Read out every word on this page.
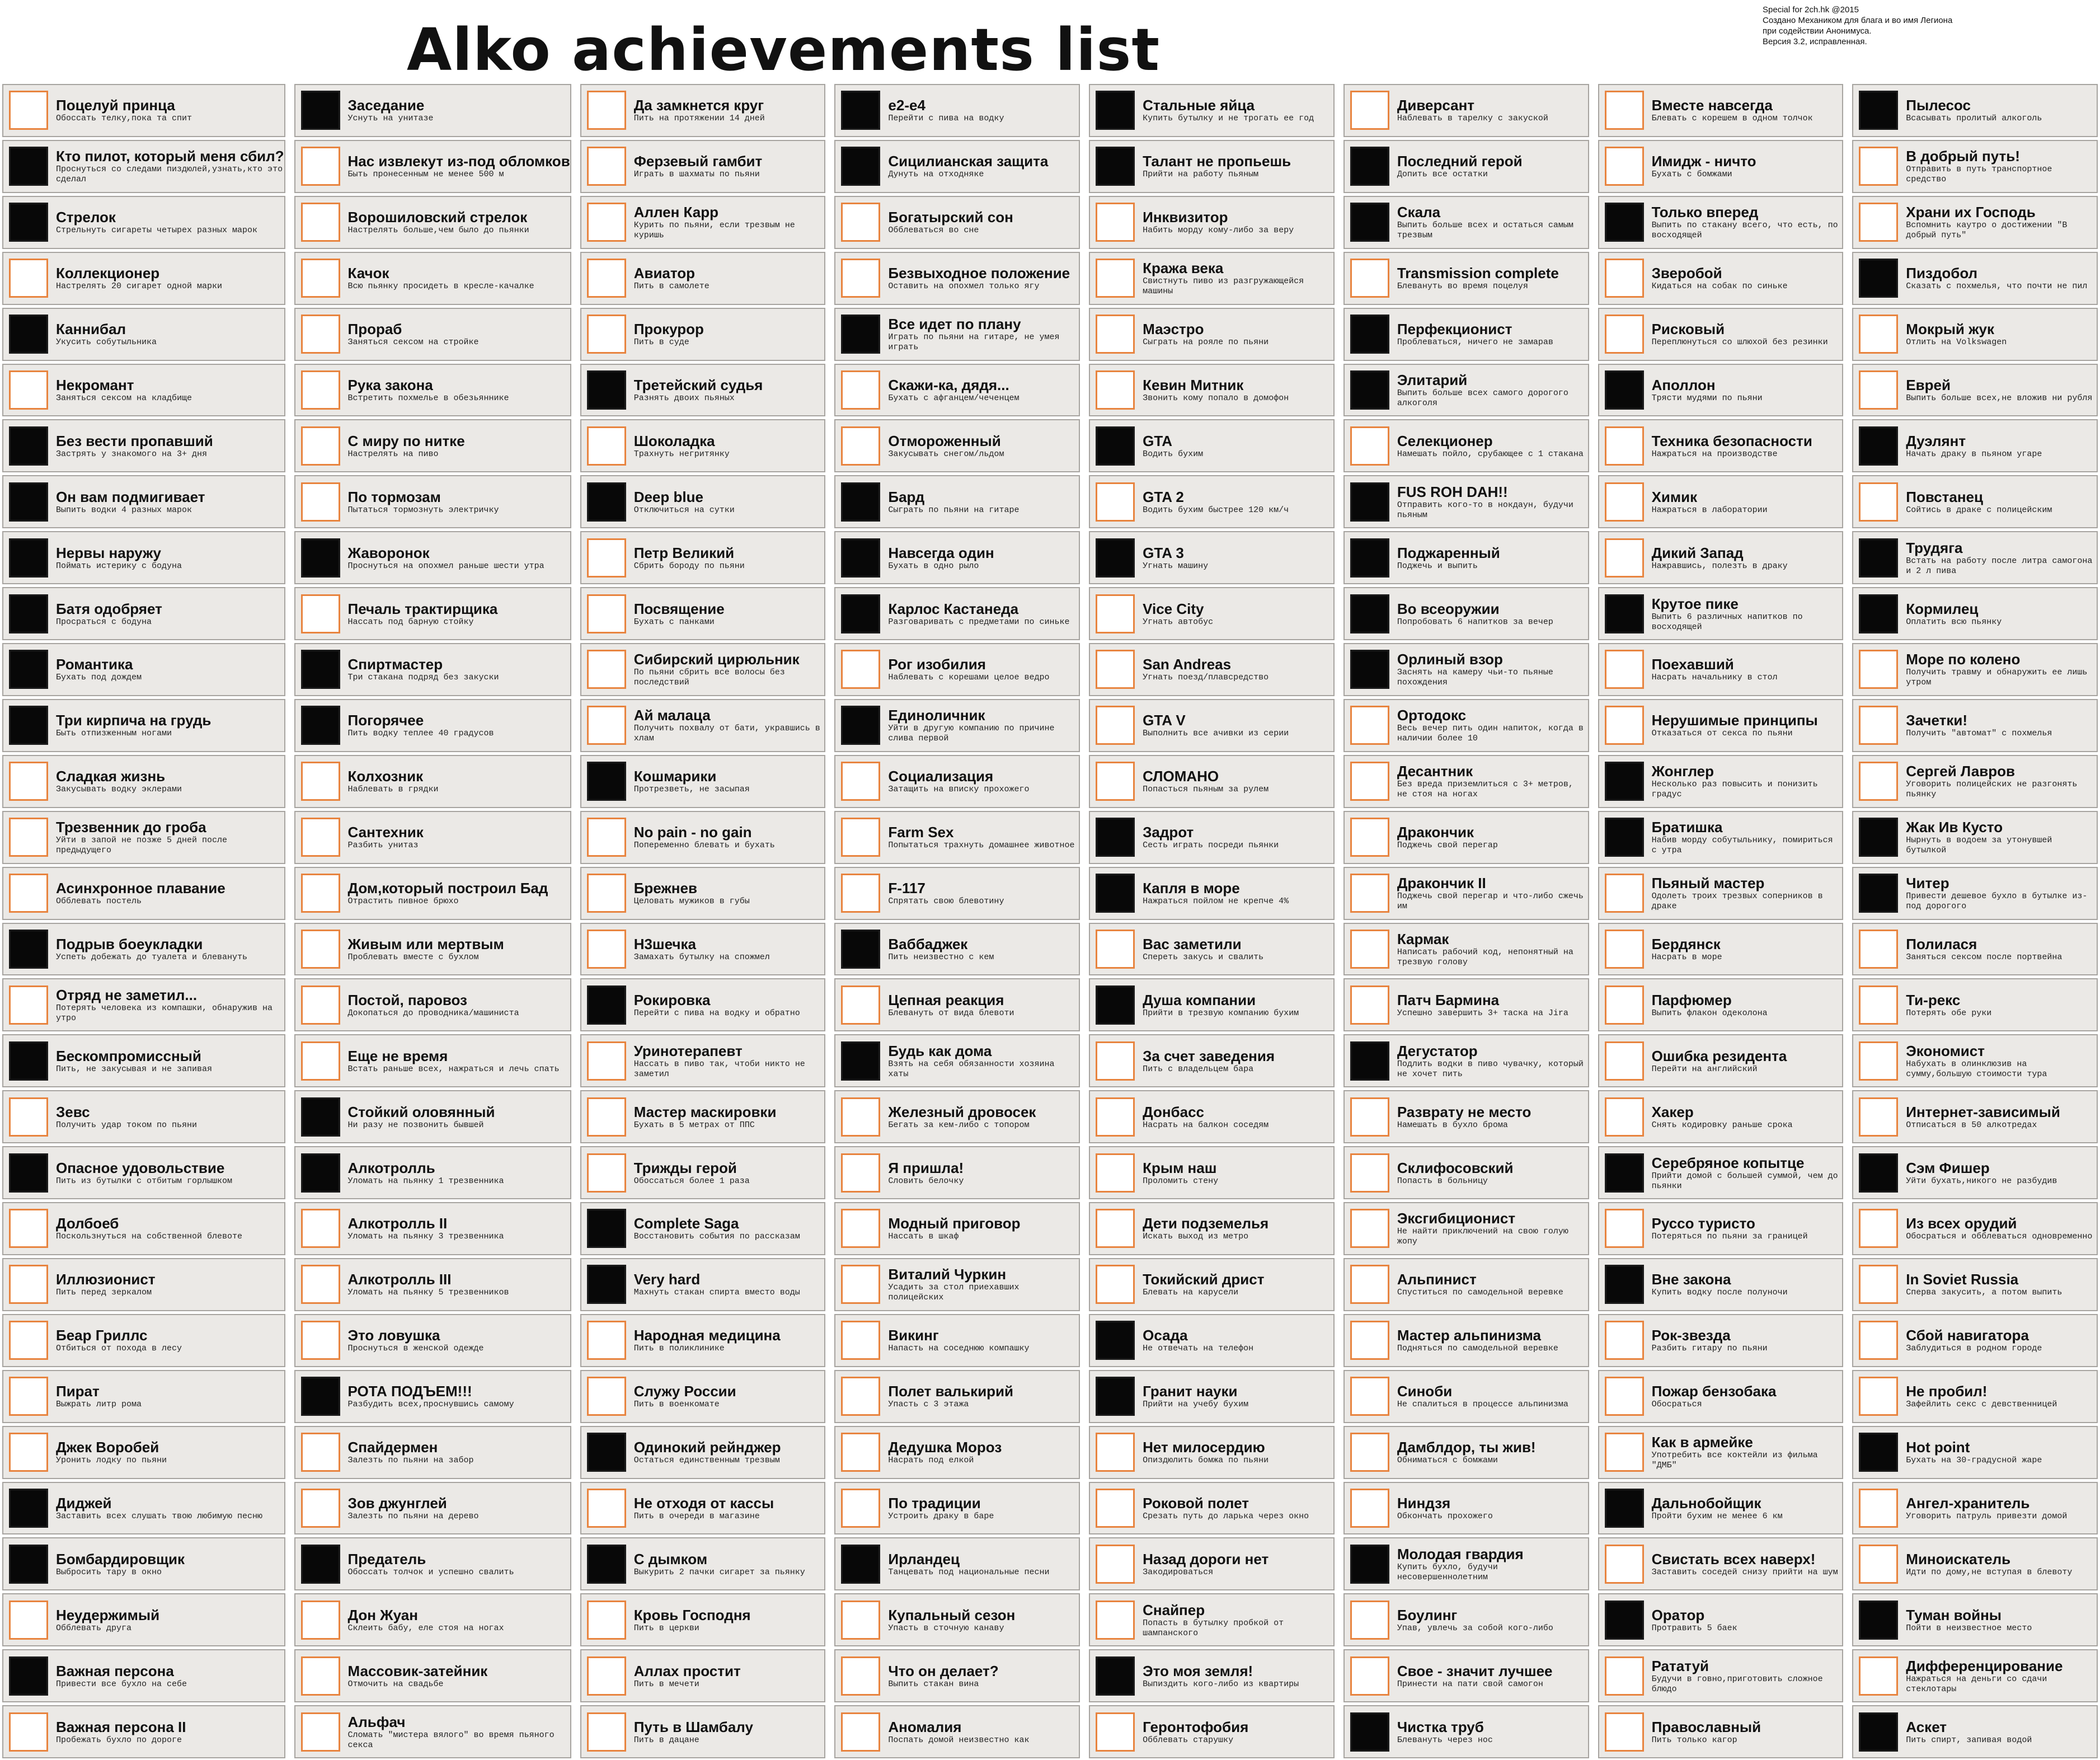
Alko achievements list
Special for 2ch.hk @2015
Создано Механиком для блага и во имя Легиона
при содействии Анонимуса.
Версия 3.2, исправленная.
Поцелуй принца
Обоссать телку,пока та спит
Кто пилот, который меня сбил?
Проснуться со следами пиздюлей,узнать,кто это сделал
Стрелок
Стрельнуть сигареты четырех разных марок
Коллекционер
Настрелять 20 сигарет одной марки
Каннибал
Укусить собутыльника
Некромант
Заняться сексом на кладбище
Без вести пропавший
Застрять у знакомого на 3+ дня
Он вам подмигивает
Выпить водки 4 разных марок
Нервы наружу
Поймать истерику с бодуна
Батя одобряет
Просраться с бодуна
Романтика
Бухать под дождем
Три кирпича на грудь
Быть отпизженным ногами
Сладкая жизнь
Закусывать водку эклерами
Трезвенник до гроба
Уйти в запой не позже 5 дней после предыдущего
Асинхронное плавание
Обблевать постель
Подрыв боеукладки
Успеть добежать до туалета и блевануть
Отряд не заметил...
Потерять человека из компашки, обнаружив на утро
Бескомпромиссный
Пить, не закусывая и не запивая
Зевс
Получить удар током по пьяни
Опасное удовольствие
Пить из бутылки с отбитым горлышком
Долбоеб
Поскользнуться на собственной блевоте
Иллюзионист
Пить перед зеркалом
Беар Гриллс
Отбиться от похода в лесу
Пират
Выжрать литр рома
Джек Воробей
Уронить лодку по пьяни
Диджей
Заставить всех слушать твою любимую песню
Бомбардировщик
Выбросить тару в окно
Неудержимый
Обблевать друга
Важная персона
Привести все бухло на себе
Важная персона II
Пробежать бухло по дороге
Заседание
Уснуть на унитазе
Нас извлекут из-под обломков
Быть пронесенным не менее 500 м
Ворошиловский стрелок
Настрелять больше,чем было до пьянки
Качок
Всю пьянку просидеть в кресле-качалке
Прораб
Заняться сексом на стройке
Рука закона
Встретить похмелье в обезьяннике
С миру по нитке
Настрелять на пиво
По тормозам
Пытаться тормознуть электричку
Жаворонок
Проснуться на опохмел раньше шести утра
Печаль трактирщика
Нассать под барную стойку
Спиртмастер
Три стакана подряд без закуски
Погорячее
Пить водку теплее 40 градусов
Колхозник
Наблевать в грядки
Сантехник
Разбить унитаз
Дом,который построил Бад
Отрастить пивное брюхо
Живым или мертвым
Проблевать вместе с бухлом
Постой, паровоз
Докопаться до проводника/машиниста
Еще не время
Встать раньше всех, нажраться и лечь спать
Стойкий оловянный
Ни разу не позвонить бывшей
Алкотролль
Уломать на пьянку 1 трезвенника
Алкотролль II
Уломать на пьянку 3 трезвенника
Алкотролль III
Уломать на пьянку 5 трезвенников
Это ловушка
Проснуться в женской одежде
РОТА ПОДЪЕМ!!!
Разбудить всех,проснувшись самому
Спайдермен
Залезть по пьяни на забор
Зов джунглей
Залезть по пьяни на дерево
Предатель
Обоссать толчок и успешно свалить
Дон Жуан
Склеить бабу, еле стоя на ногах
Массовик-затейник
Отмочить на свадьбе
Альфач
Сломать "мистера вялого" во время пьяного секса
Да замкнется круг
Пить на протяжении 14 дней
Ферзевый гамбит
Играть в шахматы по пьяни
Аллен Карр
Курить по пьяни, если трезвым не куришь
Авиатор
Пить в самолете
Прокурор
Пить в суде
Третейский судья
Разнять двоих пьяных
Шоколадка
Трахнуть негритянку
Deep blue
Отключиться на сутки
Петр Великий
Сбрить бороду по пьяни
Посвящение
Бухать с панками
Сибирский цирюльник
По пьяни сбрить все волосы без последствий
Ай малаца
Получить похвалу от бати, укравшись в хлам
Кошмарики
Протрезветь, не засыпая
No pain - no gain
Попеременно блевать и бухать
Брежнев
Целовать мужиков в губы
Н3шечка
Замахать бутылку на спожмел
Рокировка
Перейти с пива на водку и обратно
Уринотерапевт
Нассать в пиво так, чтоби никто не заметил
Мастер маскировки
Бухать в 5 метрах от ППС
Трижды герой
Обоссаться более 1 раза
Complete Saga
Восстановить события по рассказам
Very hard
Махнуть стакан спирта вместо воды
Народная медицина
Пить в поликлинике
Служу России
Пить в военкомате
Одинокий рейнджер
Остаться единственным трезвым
Не отходя от кассы
Пить в очереди в магазине
С дымком
Выкурить 2 пачки сигарет за пьянку
Кровь Господня
Пить в церкви
Аллах простит
Пить в мечети
Путь в Шамбалу
Пить в дацане
e2-e4
Перейти с пива на водку
Сицилианская защита
Дунуть на отходняке
Богатырский сон
Обблеваться во сне
Безвыходное положение
Оставить на опохмел только ягу
Все идет по плану
Играть по пьяни на гитаре, не умея играть
Скажи-ка, дядя...
Бухать с афганцем/чеченцем
Отмороженный
Закусывать снегом/льдом
Бард
Сыграть по пьяни на гитаре
Навсегда один
Бухать в одно рыло
Карлос Кастанеда
Разговаривать с предметами по синьке
Рог изобилия
Наблевать с корешами целое ведро
Единоличник
Уйти в другую компанию по причине слива первой
Социализация
Затащить на вписку прохожего
Farm Sex
Попытаться трахнуть домашнее животное
F-117
Спрятать свою блевотину
Ваббаджек
Пить неизвестно с кем
Цепная реакция
Блевануть от вида блевоти
Будь как дома
Взять на себя обязанности хозяина хаты
Железный дровосек
Бегать за кем-либо с топором
Я пришла!
Словить белочку
Модный приговор
Нассать в шкаф
Виталий Чуркин
Усадить за стол приехавших полицейских
Викинг
Напасть на соседнюю компашку
Полет валькирий
Упасть с 3 этажа
Дедушка Мороз
Насрать под елкой
По традиции
Устроить драку в баре
Ирландец
Танцевать под национальные песни
Купальный сезон
Упасть в сточную канаву
Что он делает?
Выпить стакан вина
Аномалия
Поспать домой неизвестно как
Стальные яйца
Купить бутылку и не трогать ее год
Талант не пропьешь
Прийти на работу пьяным
Инквизитор
Набить морду кому-либо за веру
Кража века
Свистнуть пиво из разгружающейся машины
Маэстро
Сыграть на рояле по пьяни
Кевин Митник
Звонить кому попало в домофон
GTA
Водить бухим
GTA 2
Водить бухим быстрее 120 км/ч
GTA 3
Угнать машину
Vice City
Угнать автобус
San Andreas
Угнать поезд/плавсредство
GTA V
Выполнить все ачивки из серии
СЛОМАНО
Попасться пьяным за рулем
Задрот
Сесть играть посреди пьянки
Капля в море
Нажраться пойлом не крепче 4%
Вас заметили
Спереть закусь и свалить
Душа компании
Прийти в трезвую компанию бухим
За счет заведения
Пить с владельцем бара
Донбасс
Насрать на балкон соседям
Крым наш
Проломить стену
Дети подземелья
Искать выход из метро
Токийский дрист
Блевать на карусели
Осада
Не отвечать на телефон
Гранит науки
Прийти на учебу бухим
Нет милосердию
Опиздюлить бомжа по пьяни
Роковой полет
Срезать путь до ларька через окно
Назад дороги нет
Закодироваться
Снайпер
Попасть в бутылку пробкой от шампанского
Это моя земля!
Выпиздить кого-либо из квартиры
Геронтофобия
Обблевать старушку
Диверсант
Наблевать в тарелку с закуской
Последний герой
Допить все остатки
Скала
Выпить больше всех и остаться самым трезвым
Transmission complete
Блевануть во время поцелуя
Перфекционист
Проблеваться, ничего не замарав
Элитарий
Выпить больше всех самого дорогого алкоголя
Селекционер
Намешать пойло, срубающее с 1 стакана
FUS ROH DAH!!
Отправить кого-то в нокдаун, будучи пьяным
Поджаренный
Поджечь и выпить
Во всеоружии
Попробовать 6 напитков за вечер
Орлиный взор
Заснять на камеру чьи-то пьяные похождения
Ортодокс
Весь вечер пить один напиток, когда в наличии более 10
Десантник
Без вреда приземлиться с 3+ метров, не стоя на ногах
Дракончик
Поджечь свой перегар
Дракончик II
Поджечь свой перегар и что-либо сжечь им
Кармак
Написать рабочий код, непонятный на трезвую голову
Патч Бармина
Успешно завершить 3+ таска на Jira
Дегустатор
Подлить водки в пиво чувачку, который не хочет пить
Разврату не место
Намешать в бухло брома
Склифосовский
Попасть в больницу
Эксгибиционист
Не найти приключений на свою голую жопу
Альпинист
Спуститься по самодельной веревке
Мастер альпинизма
Подняться по самодельной веревке
Синоби
Не спалиться в процессе альпинизма
Дамблдор, ты жив!
Обниматься с бомжами
Ниндзя
Обкончать прохожего
Молодая гвардия
Купить бухло, будучи несовершеннолетним
Боулинг
Упав, увлечь за собой кого-либо
Свое - значит лучшее
Принести на пати свой самогон
Чистка труб
Блевануть через нос
Вместе навсегда
Блевать с корешем в одном толчок
Имидж - ничто
Бухать с бомжами
Только вперед
Выпить по стакану всего, что есть, по восходящей
Зверобой
Кидаться на собак по синьке
Рисковый
Переплюнуться со шлюхой без резинки
Аполлон
Трясти мудями по пьяни
Техника безопасности
Нажраться на производстве
Химик
Нажраться в лаборатории
Дикий Запад
Нажравшись, полезть в драку
Крутое пике
Выпить 6 различных напитков по восходящей
Поехавший
Насрать начальнику в стол
Нерушимые принципы
Отказаться от секса по пьяни
Жонглер
Несколько раз повысить и понизить градус
Братишка
Набив морду собутыльнику, помириться с утра
Пьяный мастер
Одолеть троих трезвых соперников в драке
Бердянск
Насрать в море
Парфюмер
Выпить флакон одеколона
Ошибка резидента
Перейти на английский
Хакер
Снять кодировку раньше срока
Серебряное копытце
Прийти домой с большей суммой, чем до пьянки
Руссо туристо
Потеряться по пьяни за границей
Вне закона
Купить водку после полуночи
Рок-звезда
Разбить гитару по пьяни
Пожар бензобака
Обосраться
Как в армейке
Употребить все коктейли из фильма "ДМБ"
Дальнобойщик
Пройти бухим не менее 6 км
Свистать всех наверх!
Заставить соседей снизу прийти на шум
Оратор
Протравить 5 баек
Рататуй
Будучи в говно,приготовить сложное блюдо
Православный
Пить только кагор
Пылесос
Всасывать пролитый алкоголь
В добрый путь!
Отправить в путь транспортное средство
Храни их Господь
Вспомнить каутро о достижении "В добрый путь"
Пиздобол
Сказать с похмелья, что почти не пил
Мокрый жук
Отлить на Volkswagen
Еврей
Выпить больше всех,не вложив ни рубля
Дуэлянт
Начать драку в пьяном угаре
Повстанец
Сойтись в драке с полицейским
Трудяга
Встать на работу после литра самогона и 2 л пива
Кормилец
Оплатить всю пьянку
Море по колено
Получить травму и обнаружить ее лишь утром
Зачетки!
Получить "автомат" с похмелья
Сергей Лавров
Уговорить полицейских не разгонять пьянку
Жак Ив Кусто
Нырнуть в водоем за утонувшей бутылкой
Читер
Привести дешевое бухло в бутылке из-под дорогого
Полилася
Заняться сексом после портвейна
Ти-рекс
Потерять обе руки
Экономист
Набухать в олинклюзив на сумму,большую стоимости тура
Интернет-зависимый
Отписаться в 50 алкотредах
Сэм Фишер
Уйти бухать,никого не разбудив
Из всех орудий
Обосраться и обблеваться одновременно
In Soviet Russia
Сперва закусить, а потом выпить
Сбой навигатора
Заблудиться в родном городе
Не пробил!
Зафейлить секс с девственницей
Hot point
Бухать на 30-градусной жаре
Ангел-хранитель
Уговорить патруль привезти домой
Миноискатель
Идти по дому,не вступая в блевоту
Туман войны
Пойти в неизвестное место
Дифференцирование
Нажраться на деньги со сдачи стеклотары
Аскет
Пить спирт, запивая водой
